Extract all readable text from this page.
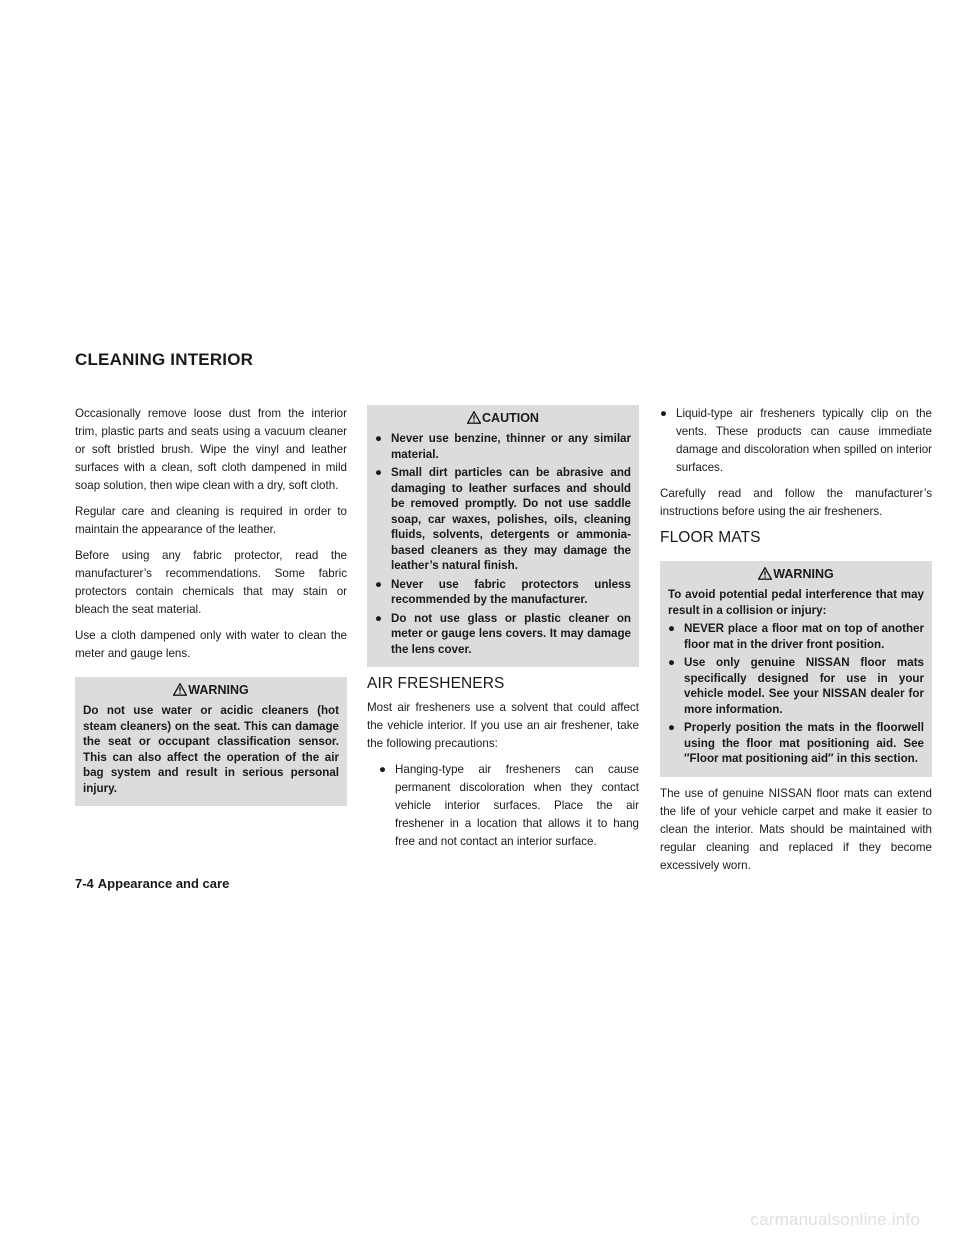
CLEANING INTERIOR

Occasionally remove loose dust from the interior trim, plastic parts and seats using a vacuum cleaner or soft bristled brush. Wipe the vinyl and leather surfaces with a clean, soft cloth dampened in mild soap solution, then wipe clean with a dry, soft cloth.

Regular care and cleaning is required in order to maintain the appearance of the leather.

Before using any fabric protector, read the manufacturer’s recommendations. Some fabric protectors contain chemicals that may stain or bleach the seat material.

Use a cloth dampened only with water to clean the meter and gauge lens.

WARNING
Do not use water or acidic cleaners (hot steam cleaners) on the seat. This can damage the seat or occupant classification sensor. This can also affect the operation of the air bag system and result in serious personal injury.
CAUTION
● Never use benzine, thinner or any similar material.
● Small dirt particles can be abrasive and damaging to leather surfaces and should be removed promptly. Do not use saddle soap, car waxes, polishes, oils, cleaning fluids, solvents, detergents or ammonia-based cleaners as they may damage the leather’s natural finish.
● Never use fabric protectors unless recommended by the manufacturer.
● Do not use glass or plastic cleaner on meter or gauge lens covers. It may damage the lens cover.
AIR FRESHENERS

Most air fresheners use a solvent that could affect the vehicle interior. If you use an air freshener, take the following precautions:

● Hanging-type air fresheners can cause permanent discoloration when they contact vehicle interior surfaces. Place the air freshener in a location that allows it to hang free and not contact an interior surface.
● Liquid-type air fresheners typically clip on the vents. These products can cause immediate damage and discoloration when spilled on interior surfaces.

Carefully read and follow the manufacturer’s instructions before using the air fresheners.

FLOOR MATS
WARNING
To avoid potential pedal interference that may result in a collision or injury:
● NEVER place a floor mat on top of another floor mat in the driver front position.
● Use only genuine NISSAN floor mats specifically designed for use in your vehicle model. See your NISSAN dealer for more information.
● Properly position the mats in the floorwell using the floor mat positioning aid. See ″Floor mat positioning aid″ in this section.

The use of genuine NISSAN floor mats can extend the life of your vehicle carpet and make it easier to clean the interior. Mats should be maintained with regular cleaning and replaced if they become excessively worn.

7-4 Appearance and care
carmanualsonline.info
